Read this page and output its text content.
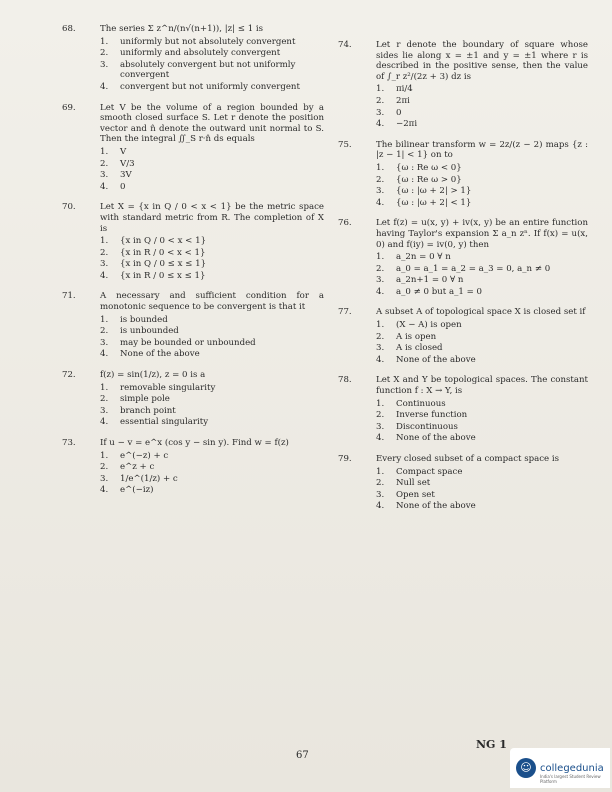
68.	The series Σ z^n/(n√(n+1)), |z| ≤ 1 is
1.	uniformly but not absolutely convergent
2.	uniformly and absolutely convergent
3.	absolutely convergent but not uniformly convergent
4.	convergent but not uniformly convergent
69.	Let V be the volume of a region bounded by a smooth closed surface S. Let r denote the position vector and n̂ denote the outward unit normal to S. Then the integral ∬_S r·n̂ ds equals
1.	V
2.	V/3
3.	3V
4.	0
70.	Let X = {x in Q / 0 < x < 1} be the metric space with standard metric from R. The completion of X is
1.	{x in Q / 0 < x < 1}
2.	{x in R / 0 < x < 1}
3.	{x in Q / 0 ≤ x ≤ 1}
4.	{x in R / 0 ≤ x ≤ 1}
71.	A necessary and sufficient condition for a monotonic sequence to be convergent is that it
1.	is bounded
2.	is unbounded
3.	may be bounded or unbounded
4.	None of the above
72.	f(z) = sin(1/z), z = 0 is a
1.	removable singularity
2.	simple pole
3.	branch point
4.	essential singularity
73.	If u − v = e^x (cos y − sin y). Find w = f(z)
1.	e^(−z) + c
2.	e^z + c
3.	1/e^(1/z) + c
4.	e^(−iz)
74.	Let r denote the boundary of square whose sides lie along x = ±1 and y = ±1 where r is described in the positive sense, then the value of ∫_r z²/(2z + 3) dz is
1.	πi/4
2.	2πi
3.	0
4.	−2πi
75.	The bilinear transform w = 2z/(z − 2) maps {z : |z − 1| < 1} on to
1.	{ω : Re ω < 0}
2.	{ω : Re ω > 0}
3.	{ω : |ω + 2| > 1}
4.	{ω : |ω + 2| < 1}
76.	Let f(z) = u(x, y) + iv(x, y) be an entire function having Taylor's expansion Σ a_n zⁿ. If f(x) = u(x, 0) and f(iy) = iv(0, y) then
1.	a_2n = 0 ∀ n
2.	a_0 = a_1 = a_2 = a_3 = 0, a_n ≠ 0
3.	a_2n+1 = 0 ∀ n
4.	a_0 ≠ 0 but a_1 = 0
77.	A subset A of topological space X is closed set if
1.	(X − A) is open
2.	A is open
3.	A is closed
4.	None of the above
78.	Let X and Y be topological spaces. The constant function f : X → Y, is
1.	Continuous
2.	Inverse function
3.	Discontinuous
4.	None of the above
79.	Every closed subset of a compact space is
1.	Compact space
2.	Null set
3.	Open set
4.	None of the above
67
NG 1
☺ collegedunia
India's largest Student Review Platform
